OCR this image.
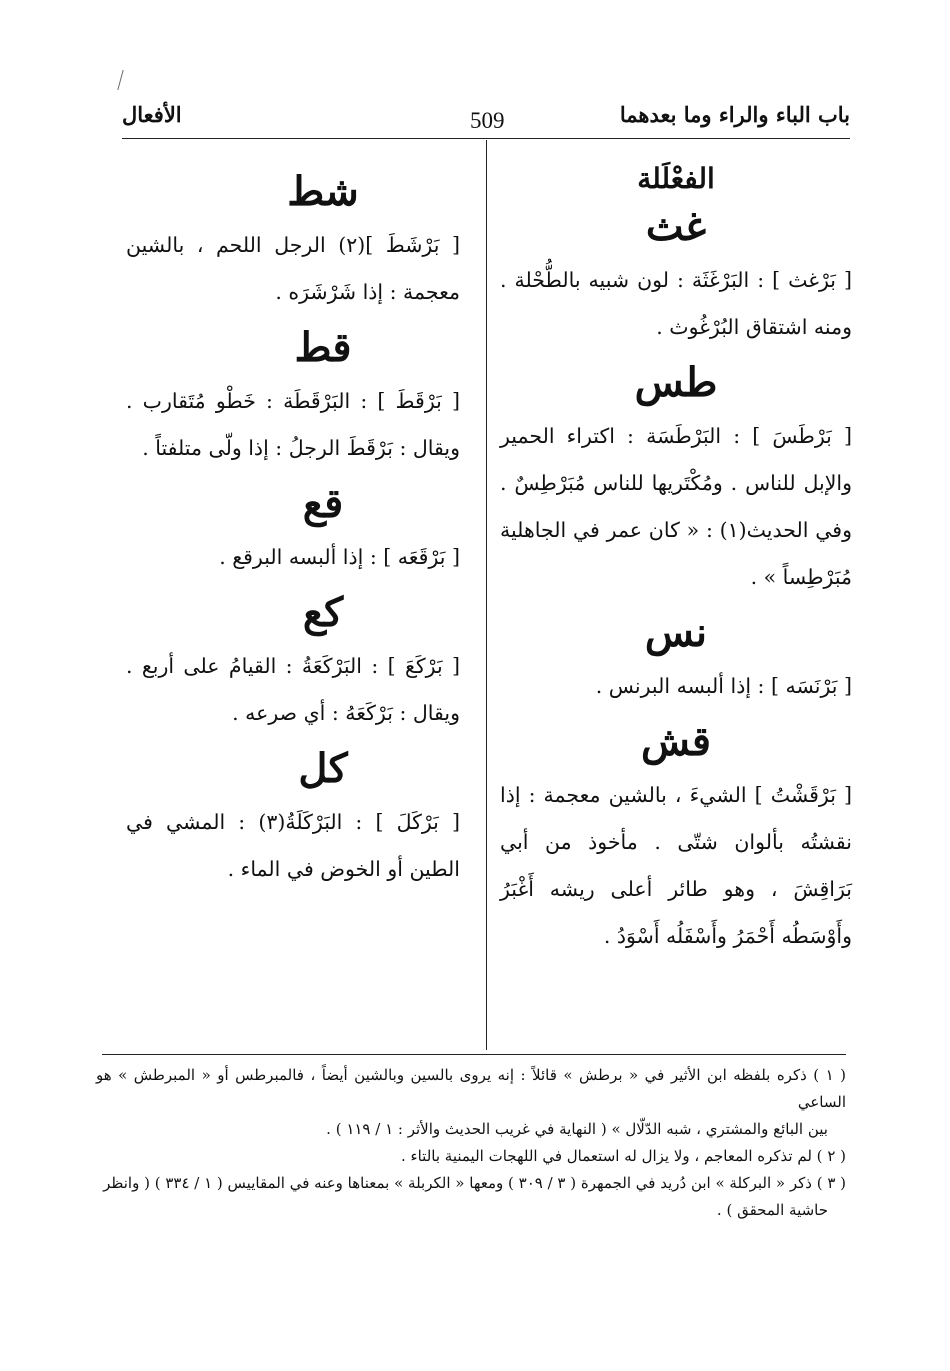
باب الباء والراء وما بعدهما
509
الأفعال
الفعْلَلة
غث

[ بَرْغث ] : البَرْغَثَة : لون شبيه بالطُّحْلة . ومنه اشتقاق البُرْغُوث .

طس

[ بَرْطَسَ ] : البَرْطَسَة : اكتراء الحمير والإبل للناس . ومُكْتَريها للناس مُبَرْطِسٌ . وفي الحديث(١) : « كان عمر في الجاهلية مُبَرْطِساً » .

نس

[ بَرْنَسَه ] : إذا ألبسه البرنس .

قش

[ بَرْقَشْتُ ] الشيءَ ، بالشين معجمة : إذا نقشتُه بألوان شتّى . مأخوذ من أبي بَرَاقِشَ ، وهو طائر أعلى ريشه أَغْبَرُ وأَوْسَطُه أَحْمَرُ وأَسْفَلُه أَسْوَدُ .

شط

[ بَرْشَطَ ](٢) الرجل اللحم ، بالشين معجمة : إذا شَرْشَرَه .

قط

[ بَرْقَطَ ] : البَرْقَطَة : خَطْو مُتَقارب . ويقال : بَرْقَطَ الرجلُ : إذا ولّى متلفتاً .

قع

[ بَرْقَعَه ] : إذا ألبسه البرقع .

كع

[ بَرْكَعَ ] : البَرْكَعَةُ : القيامُ على أربع . ويقال : بَرْكَعَهُ : أي صرعه .

كل

[ بَرْكَلَ ] : البَرْكَلَةُ(٣) : المشي في الطين أو الخوض في الماء .

( ١ ) ذكره بلفظه ابن الأثير في « برطش » قائلاً : إنه يروى بالسين وبالشين أيضاً ، فالمبرطس أو « المبرطش » هو الساعي

بين البائع والمشتري ، شبه الدّلّال » ( النهاية في غريب الحديث والأثر : ١ / ١١٩ ) .

( ٢ ) لم تذكره المعاجم ، ولا يزال له استعمال في اللهجات اليمنية بالتاء .

( ٣ ) ذكر « البركلة » ابن دُريد في الجمهرة ( ٣ / ٣٠٩ ) ومعها « الكربلة » بمعناها وعنه في المقاييس ( ١ / ٣٣٤ ) ( وانظر

حاشية المحقق ) .
